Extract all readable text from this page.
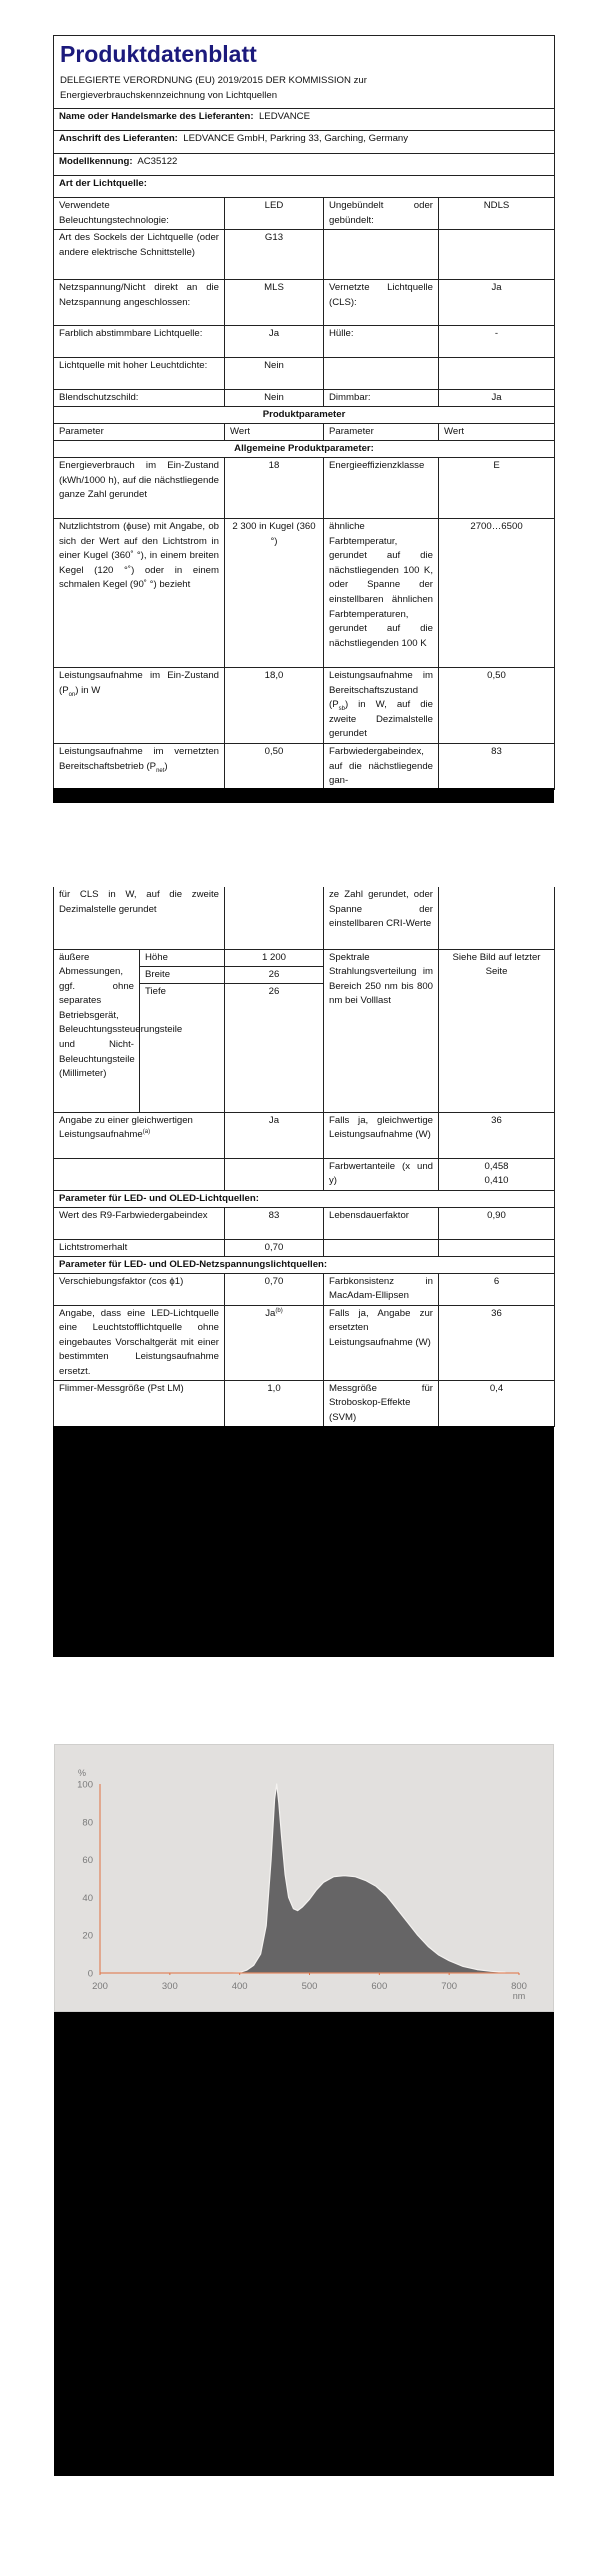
Produktdatenblatt
DELEGIERTE VERORDNUNG (EU) 2019/2015 DER KOMMISSION zur
Energieverbrauchskennzeichnung von Lichtquellen			

Name oder Handelsmarke des Lieferanten: LEDVANCE			
Anschrift des Lieferanten: LEDVANCE GmbH, Parkring 33, Garching, Germany			
Modellkennung: AC35122			
Art der Lichtquelle:			
Verwendete Beleuchtungstechnologie:	LED	Ungebündelt oder gebündelt:	NDLS
Art des Sockels der Lichtquelle (oder andere elektrische Schnittstelle)	G13		
Netzspannung/Nicht direkt an die Netzspannung angeschlossen:	MLS	Vernetzte Lichtquelle (CLS):	Ja
Farblich abstimmbare Lichtquelle:	Ja	Hülle:	-
Lichtquelle mit hoher Leuchtdichte:	Nein		
Blendschutzschild:	Nein	Dimmbar:	Ja
Produktparameter			
Parameter	Wert	Parameter	Wert
Allgemeine Produktparameter:			
Energieverbrauch im Ein-Zustand (kWh/1000 h), auf die nächstliegende ganze Zahl gerundet	18	Energieeffizienzklasse	E
Nutzlichtstrom (ϕuse) mit Angabe, ob sich der Wert auf den Lichtstrom in einer Kugel (360˚ °), in einem breiten Kegel (120 °˚) oder in einem schmalen Kegel (90˚ °) bezieht	2 300 in Kugel (360 °)	ähnliche Farbtemperatur, gerundet auf die nächstliegenden 100 K, oder Spanne der einstellbaren ähnlichen Farbtemperaturen, gerundet auf die nächstliegenden 100 K	2700…6500
Leistungsaufnahme im Ein-Zustand $(P_{on})$ in W	18,0	Leistungsaufnahme im Bereitschaftszustand $(P_{sb})$ in W, auf die zweite Dezimalstelle gerundet	0,50
Leistungsaufnahme im vernetzten Bereitschaftsbetrieb $(P_{net})$	0,50	Farbwiedergabeindex, auf die nächstliegende gan-	83
für CLS in W, auf die zweite Dezimalstelle gerundet			ze Zahl gerundet, oder Spanne der einstellbaren CRI-Werte	
äußere Abmessungen, ggf. ohne separates Betriebsgerät, Beleuchtungssteuerungsteile und Nicht-Beleuchtungsteile (Millimeter)	Höhe	1 200	Spektrale Strahlungsverteilung im Bereich 250 nm bis 800 nm bei Volllast	Siehe Bild auf letzter Seite
	Breite	26		
	Tiefe	26		
Angabe zu einer gleichwertigen Leistungsaufnahme$^{(a)}$		Ja	Falls ja, gleichwertige Leistungsaufnahme (W)	36
			Farbwertanteile (x und y)	0,458
0,410

Parameter für LED- und OLED-Lichtquellen:				
Wert des R9-Farbwiedergabeindex		83	Lebensdauerfaktor	0,90
Lichtstromerhalt		0,70		
Parameter für LED- und OLED-Netzspannungslichtquellen:				
Verschiebungsfaktor (cos ϕ1)		0,70	Farbkonsistenz in MacAdam-Ellipsen	6
Angabe, dass eine LED-Lichtquelle eine Leuchtstofflichtquelle ohne eingebautes Vorschaltgerät mit einer bestimmten Leistungsaufnahme ersetzt.		Ja$^{(b)}$	Falls ja, Angabe zur ersetzten Leistungsaufnahme (W)	36
Flimmer-Messgröße (Pst LM)		1,0	Messgröße für Stroboskop-Effekte (SVM)	0,4
0
20
40
60
80
100
200	300	400	500	600	700	800
%
nm
